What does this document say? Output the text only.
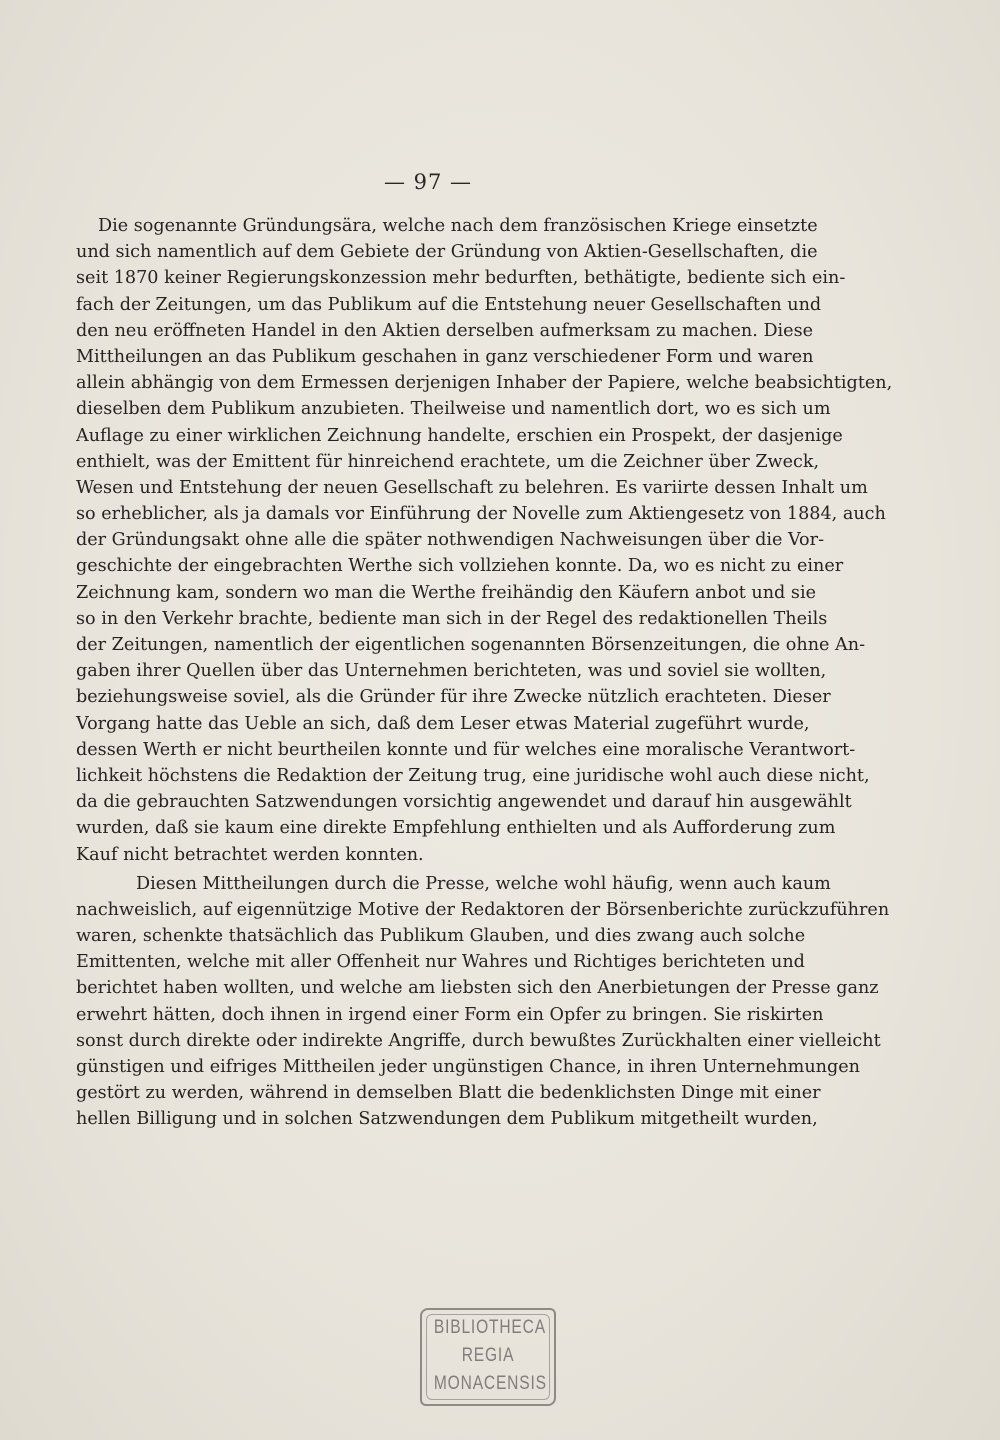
— 97 —

Die sogenannte Gründungsära, welche nach dem französischen Kriege einsetzte
und sich namentlich auf dem Gebiete der Gründung von Aktien-Gesellschaften, die
seit 1870 keiner Regierungskonzession mehr bedurften, bethätigte, bediente sich ein-
fach der Zeitungen, um das Publikum auf die Entstehung neuer Gesellschaften und
den neu eröffneten Handel in den Aktien derselben aufmerksam zu machen. Diese
Mittheilungen an das Publikum geschahen in ganz verschiedener Form und waren
allein abhängig von dem Ermessen derjenigen Inhaber der Papiere, welche beabsichtigten,
dieselben dem Publikum anzubieten. Theilweise und namentlich dort, wo es sich um
Auflage zu einer wirklichen Zeichnung handelte, erschien ein Prospekt, der dasjenige
enthielt, was der Emittent für hinreichend erachtete, um die Zeichner über Zweck,
Wesen und Entstehung der neuen Gesellschaft zu belehren. Es variirte dessen Inhalt um
so erheblicher, als ja damals vor Einführung der Novelle zum Aktiengesetz von 1884, auch
der Gründungsakt ohne alle die später nothwendigen Nachweisungen über die Vor-
geschichte der eingebrachten Werthe sich vollziehen konnte. Da, wo es nicht zu einer
Zeichnung kam, sondern wo man die Werthe freihändig den Käufern anbot und sie
so in den Verkehr brachte, bediente man sich in der Regel des redaktionellen Theils
der Zeitungen, namentlich der eigentlichen sogenannten Börsenzeitungen, die ohne An-
gaben ihrer Quellen über das Unternehmen berichteten, was und soviel sie wollten,
beziehungsweise soviel, als die Gründer für ihre Zwecke nützlich erachteten. Dieser
Vorgang hatte das Ueble an sich, daß dem Leser etwas Material zugeführt wurde,
dessen Werth er nicht beurtheilen konnte und für welches eine moralische Verantwort-
lichkeit höchstens die Redaktion der Zeitung trug, eine juridische wohl auch diese nicht,
da die gebrauchten Satzwendungen vorsichtig angewendet und darauf hin ausgewählt
wurden, daß sie kaum eine direkte Empfehlung enthielten und als Aufforderung zum
Kauf nicht betrachtet werden konnten.

Diesen Mittheilungen durch die Presse, welche wohl häufig, wenn auch kaum
nachweislich, auf eigennützige Motive der Redaktoren der Börsenberichte zurückzuführen
waren, schenkte thatsächlich das Publikum Glauben, und dies zwang auch solche
Emittenten, welche mit aller Offenheit nur Wahres und Richtiges berichteten und
berichtet haben wollten, und welche am liebsten sich den Anerbietungen der Presse ganz
erwehrt hätten, doch ihnen in irgend einer Form ein Opfer zu bringen. Sie riskirten
sonst durch direkte oder indirekte Angriffe, durch bewußtes Zurückhalten einer vielleicht
günstigen und eifriges Mittheilen jeder ungünstigen Chance, in ihren Unternehmungen
gestört zu werden, während in demselben Blatt die bedenklichsten Dinge mit einer
hellen Billigung und in solchen Satzwendungen dem Publikum mitgetheilt wurden,

BIBLIOTHECA
REGIA
MONACENSIS
